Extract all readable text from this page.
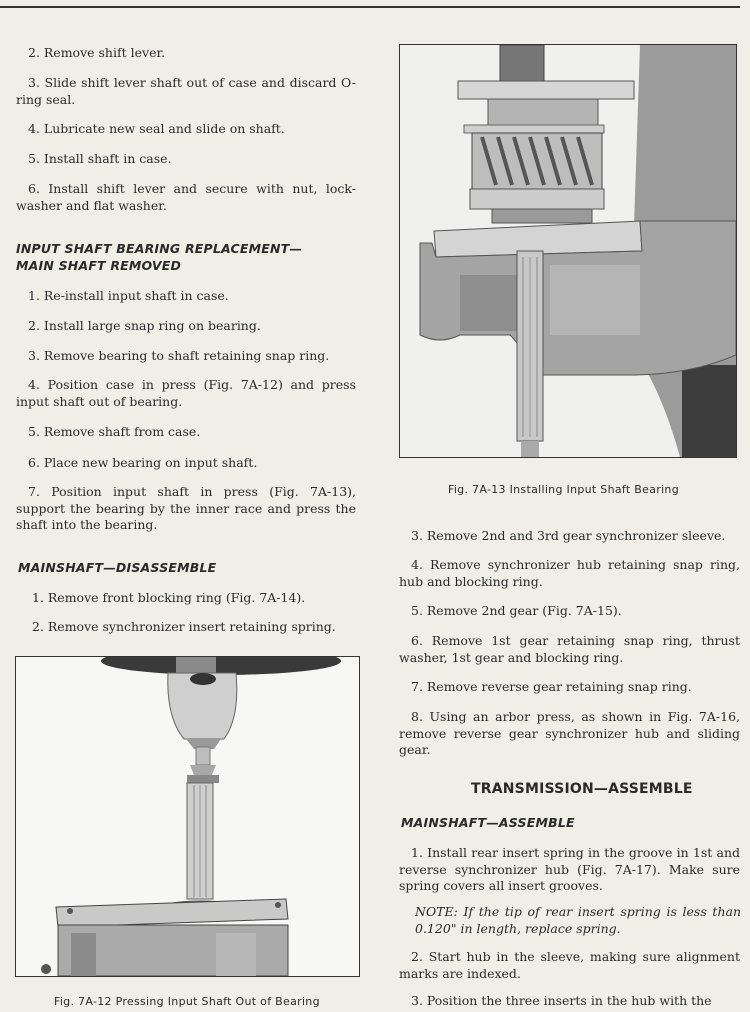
2. Remove shift lever.

3. Slide shift lever shaft out of case and discard O-ring seal.

4. Lubricate new seal and slide on shaft.

5. Install shaft in case.

6. Install shift lever and secure with nut, lock-washer and flat washer.

INPUT SHAFT BEARING REPLACEMENT—

MAIN SHAFT REMOVED

1. Re-install input shaft in case.

2. Install large snap ring on bearing.

3. Remove bearing to shaft retaining snap ring.

4. Position case in press (Fig. 7A-12) and press input shaft out of bearing.

5. Remove shaft from case.

6. Place new bearing on input shaft.

7. Position input shaft in press (Fig. 7A-13), support the bearing by the inner race and press the shaft into the bearing.

MAINSHAFT—DISASSEMBLE

1. Remove front blocking ring (Fig. 7A-14).

2. Remove synchronizer insert retaining spring.

Fig. 7A-12 Pressing Input Shaft Out of Bearing

Fig. 7A-13 Installing Input Shaft Bearing

3. Remove 2nd and 3rd gear synchronizer sleeve.

4. Remove synchronizer hub retaining snap ring, hub and blocking ring.

5. Remove 2nd gear (Fig. 7A-15).

6. Remove 1st gear retaining snap ring, thrust washer, 1st gear and blocking ring.

7. Remove reverse gear retaining snap ring.

8. Using an arbor press, as shown in Fig. 7A-16, remove reverse gear synchronizer hub and sliding gear.

TRANSMISSION—ASSEMBLE

MAINSHAFT—ASSEMBLE

1. Install rear insert spring in the groove in 1st and reverse synchronizer hub (Fig. 7A-17). Make sure spring covers all insert grooves.

NOTE: If the tip of rear insert spring is less than 0.120" in length, replace spring.

2. Start hub in the sleeve, making sure alignment marks are indexed.

3. Position the three inserts in the hub with the
